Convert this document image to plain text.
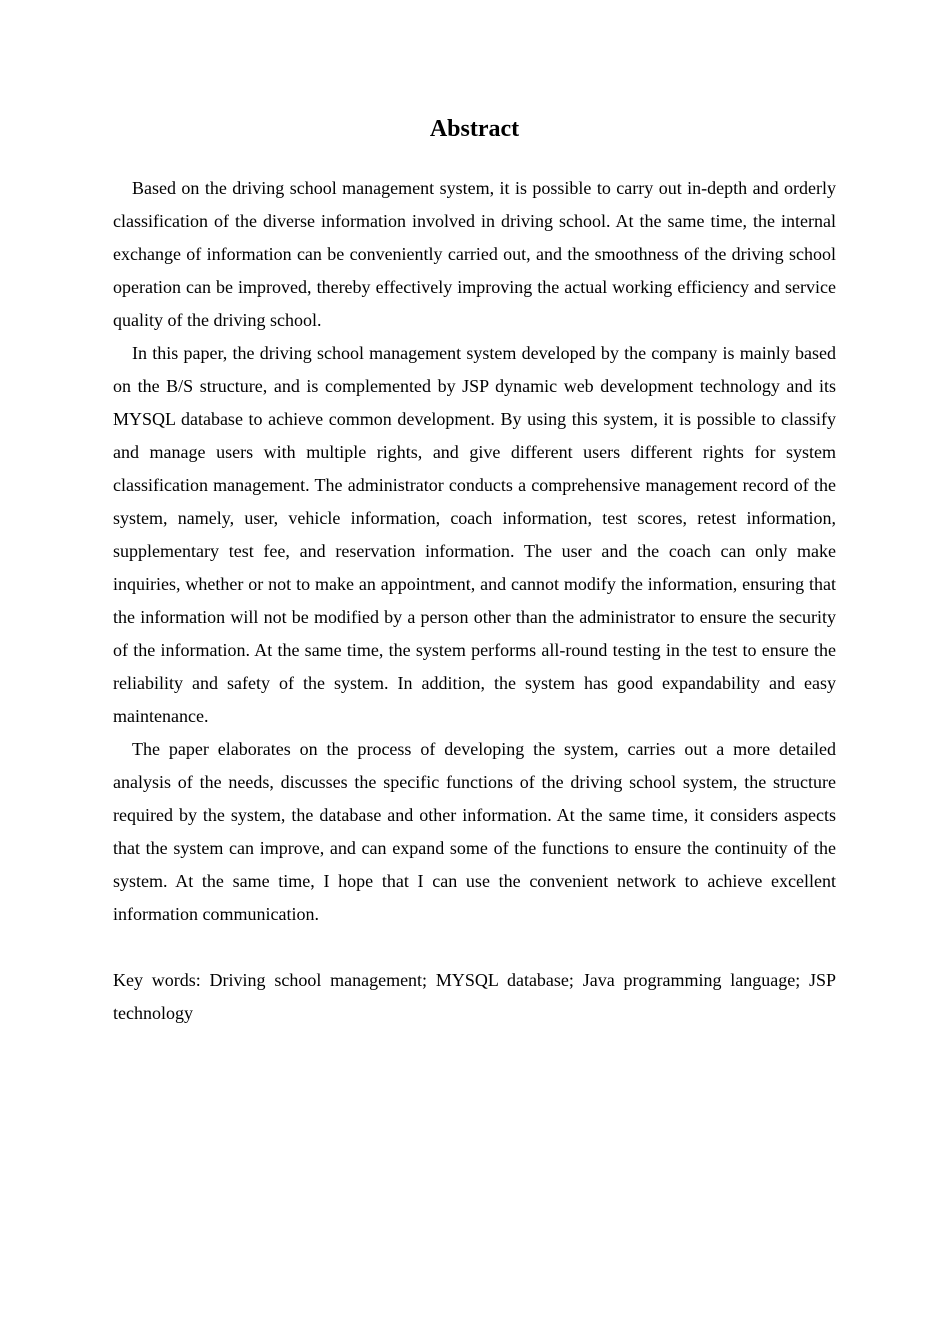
Abstract

Based on the driving school management system, it is possible to carry out in-depth and orderly classification of the diverse information involved in driving school. At the same time, the internal exchange of information can be conveniently carried out, and the smoothness of the driving school operation can be improved, thereby effectively improving the actual working efficiency and service quality of the driving school.

In this paper, the driving school management system developed by the company is mainly based on the B/S structure, and is complemented by JSP dynamic web development technology and its MYSQL database to achieve common development. By using this system, it is possible to classify and manage users with multiple rights, and give different users different rights for system classification management. The administrator conducts a comprehensive management record of the system, namely, user, vehicle information, coach information, test scores, retest information, supplementary test fee, and reservation information. The user and the coach can only make inquiries, whether or not to make an appointment, and cannot modify the information, ensuring that the information will not be modified by a person other than the administrator to ensure the security of the information. At the same time, the system performs all-round testing in the test to ensure the reliability and safety of the system. In addition, the system has good expandability and easy maintenance.

The paper elaborates on the process of developing the system, carries out a more detailed analysis of the needs, discusses the specific functions of the driving school system, the structure required by the system, the database and other information. At the same time, it considers aspects that the system can improve, and can expand some of the functions to ensure the continuity of the system. At the same time, I hope that I can use the convenient network to achieve excellent information communication.

Key words: Driving school management; MYSQL database; Java programming language; JSP technology
